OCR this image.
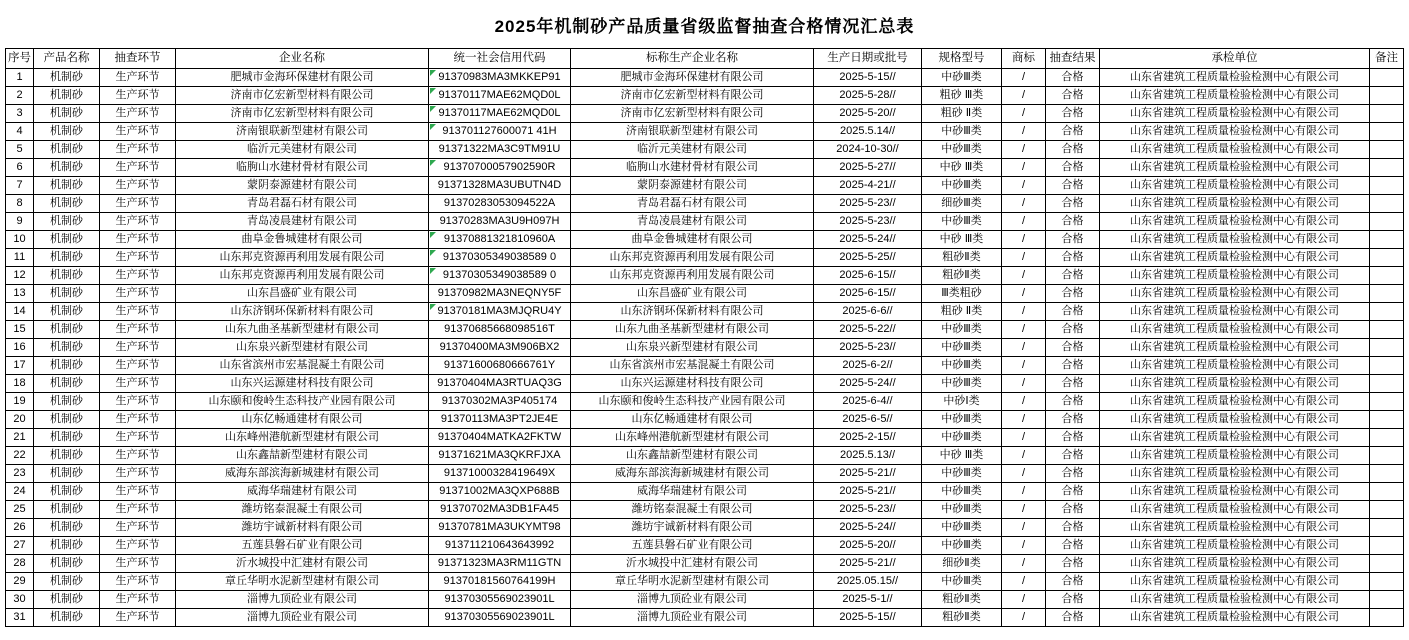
2025年机制砂产品质量省级监督抽查合格情况汇总表
序号	产品名称	抽查环节	企业名称	统一社会信用代码	标称生产企业名称	生产日期或批号	规格型号	商标	抽查结果	承检单位	备注
1	机制砂	生产环节	肥城市金海环保建材有限公司	91370983MA3MKKEP91	肥城市金海环保建材有限公司	2025-5-15//	中砂Ⅲ类	/	合格	山东省建筑工程质量检验检测中心有限公司	
2	机制砂	生产环节	济南市亿宏新型材料有限公司	91370117MAE62MQD0L	济南市亿宏新型材料有限公司	2025-5-28//	粗砂 Ⅲ类	/	合格	山东省建筑工程质量检验检测中心有限公司	
3	机制砂	生产环节	济南市亿宏新型材料有限公司	91370117MAE62MQD0L	济南市亿宏新型材料有限公司	2025-5-20//	粗砂 Ⅱ类	/	合格	山东省建筑工程质量检验检测中心有限公司	
4	机制砂	生产环节	济南银联新型建材有限公司	913701127600071 41H	济南银联新型建材有限公司	2025.5.14//	中砂Ⅲ类	/	合格	山东省建筑工程质量检验检测中心有限公司	
5	机制砂	生产环节	临沂元美建材有限公司	91371322MA3C9TM91U	临沂元美建材有限公司	2024-10-30//	中砂Ⅲ类	/	合格	山东省建筑工程质量检验检测中心有限公司	
6	机制砂	生产环节	临朐山水建材骨材有限公司	91370700057902590R	临朐山水建材骨材有限公司	2025-5-27//	中砂 Ⅲ类	/	合格	山东省建筑工程质量检验检测中心有限公司	
7	机制砂	生产环节	蒙阴泰源建材有限公司	91371328MA3UBUTN4D	蒙阴泰源建材有限公司	2025-4-21//	中砂Ⅲ类	/	合格	山东省建筑工程质量检验检测中心有限公司	
8	机制砂	生产环节	青岛君磊石材有限公司	91370283053094522A	青岛君磊石材有限公司	2025-5-23//	细砂Ⅲ类	/	合格	山东省建筑工程质量检验检测中心有限公司	
9	机制砂	生产环节	青岛凌晨建材有限公司	91370283MA3U9H097H	青岛凌晨建材有限公司	2025-5-23//	中砂Ⅲ类	/	合格	山东省建筑工程质量检验检测中心有限公司	
10	机制砂	生产环节	曲阜金鲁城建材有限公司	91370881321810960A	曲阜金鲁城建材有限公司	2025-5-24//	中砂 Ⅲ类	/	合格	山东省建筑工程质量检验检测中心有限公司	
11	机制砂	生产环节	山东邦克资源再利用发展有限公司	91370305349038589 0	山东邦克资源再利用发展有限公司	2025-5-25//	粗砂Ⅱ类	/	合格	山东省建筑工程质量检验检测中心有限公司	
12	机制砂	生产环节	山东邦克资源再利用发展有限公司	91370305349038589 0	山东邦克资源再利用发展有限公司	2025-6-15//	粗砂Ⅱ类	/	合格	山东省建筑工程质量检验检测中心有限公司	
13	机制砂	生产环节	山东昌盛矿业有限公司	91370982MA3NEQNY5F	山东昌盛矿业有限公司	2025-6-15//	Ⅲ类粗砂	/	合格	山东省建筑工程质量检验检测中心有限公司	
14	机制砂	生产环节	山东济钢环保新材料有限公司	91370181MA3MJQRU4Y	山东济钢环保新材料有限公司	2025-6-6//	粗砂 Ⅱ类	/	合格	山东省建筑工程质量检验检测中心有限公司	
15	机制砂	生产环节	山东九曲圣基新型建材有限公司	91370685668098516T	山东九曲圣基新型建材有限公司	2025-5-22//	中砂Ⅲ类	/	合格	山东省建筑工程质量检验检测中心有限公司	
16	机制砂	生产环节	山东泉兴新型建材有限公司	91370400MA3M906BX2	山东泉兴新型建材有限公司	2025-5-23//	中砂Ⅲ类	/	合格	山东省建筑工程质量检验检测中心有限公司	
17	机制砂	生产环节	山东省滨州市宏基混凝土有限公司	91371600680666761Y	山东省滨州市宏基混凝土有限公司	2025-6-2//	中砂Ⅲ类	/	合格	山东省建筑工程质量检验检测中心有限公司	
18	机制砂	生产环节	山东兴运源建材科技有限公司	91370404MA3RTUAQ3G	山东兴运源建材科技有限公司	2025-5-24//	中砂Ⅲ类	/	合格	山东省建筑工程质量检验检测中心有限公司	
19	机制砂	生产环节	山东颐和俊岭生态科技产业园有限公司	91370302MA3P405174	山东颐和俊岭生态科技产业园有限公司	2025-6-4//	中砂Ⅰ类	/	合格	山东省建筑工程质量检验检测中心有限公司	
20	机制砂	生产环节	山东亿畅通建材有限公司	91370113MA3PT2JE4E	山东亿畅通建材有限公司	2025-6-5//	中砂Ⅲ类	/	合格	山东省建筑工程质量检验检测中心有限公司	
21	机制砂	生产环节	山东峰州港航新型建材有限公司	91370404MATKA2FKTW	山东峰州港航新型建材有限公司	2025-2-15//	中砂Ⅲ类	/	合格	山东省建筑工程质量检验检测中心有限公司	
22	机制砂	生产环节	山东鑫喆新型建材有限公司	91371621MA3QKRFJXA	山东鑫喆新型建材有限公司	2025.5.13//	中砂 Ⅲ类	/	合格	山东省建筑工程质量检验检测中心有限公司	
23	机制砂	生产环节	威海东部滨海新城建材有限公司	91371000328419649X	威海东部滨海新城建材有限公司	2025-5-21//	中砂Ⅲ类	/	合格	山东省建筑工程质量检验检测中心有限公司	
24	机制砂	生产环节	威海华瑞建材有限公司	91371002MA3QXP688B	威海华瑞建材有限公司	2025-5-21//	中砂Ⅲ类	/	合格	山东省建筑工程质量检验检测中心有限公司	
25	机制砂	生产环节	潍坊铭泰混凝土有限公司	91370702MA3DB1FA45	潍坊铭泰混凝土有限公司	2025-5-23//	中砂Ⅲ类	/	合格	山东省建筑工程质量检验检测中心有限公司	
26	机制砂	生产环节	潍坊宇诚新材料有限公司	91370781MA3UKYMT98	潍坊宇诚新材料有限公司	2025-5-24//	中砂Ⅲ类	/	合格	山东省建筑工程质量检验检测中心有限公司	
27	机制砂	生产环节	五莲县磐石矿业有限公司	913711210643643992	五莲县磐石矿业有限公司	2025-5-20//	中砂Ⅲ类	/	合格	山东省建筑工程质量检验检测中心有限公司	
28	机制砂	生产环节	沂水城投中汇建材有限公司	91371323MA3RM11GTN	沂水城投中汇建材有限公司	2025-5-21//	细砂Ⅱ类	/	合格	山东省建筑工程质量检验检测中心有限公司	
29	机制砂	生产环节	章丘华明水泥新型建材有限公司	91370181560764199H	章丘华明水泥新型建材有限公司	2025.05.15//	中砂Ⅲ类	/	合格	山东省建筑工程质量检验检测中心有限公司	
30	机制砂	生产环节	淄博九顶砼业有限公司	91370305569023901L	淄博九顶砼业有限公司	2025-5-1//	粗砂Ⅱ类	/	合格	山东省建筑工程质量检验检测中心有限公司	
31	机制砂	生产环节	淄博九顶砼业有限公司	91370305569023901L	淄博九顶砼业有限公司	2025-5-15//	粗砂Ⅱ类	/	合格	山东省建筑工程质量检验检测中心有限公司	
